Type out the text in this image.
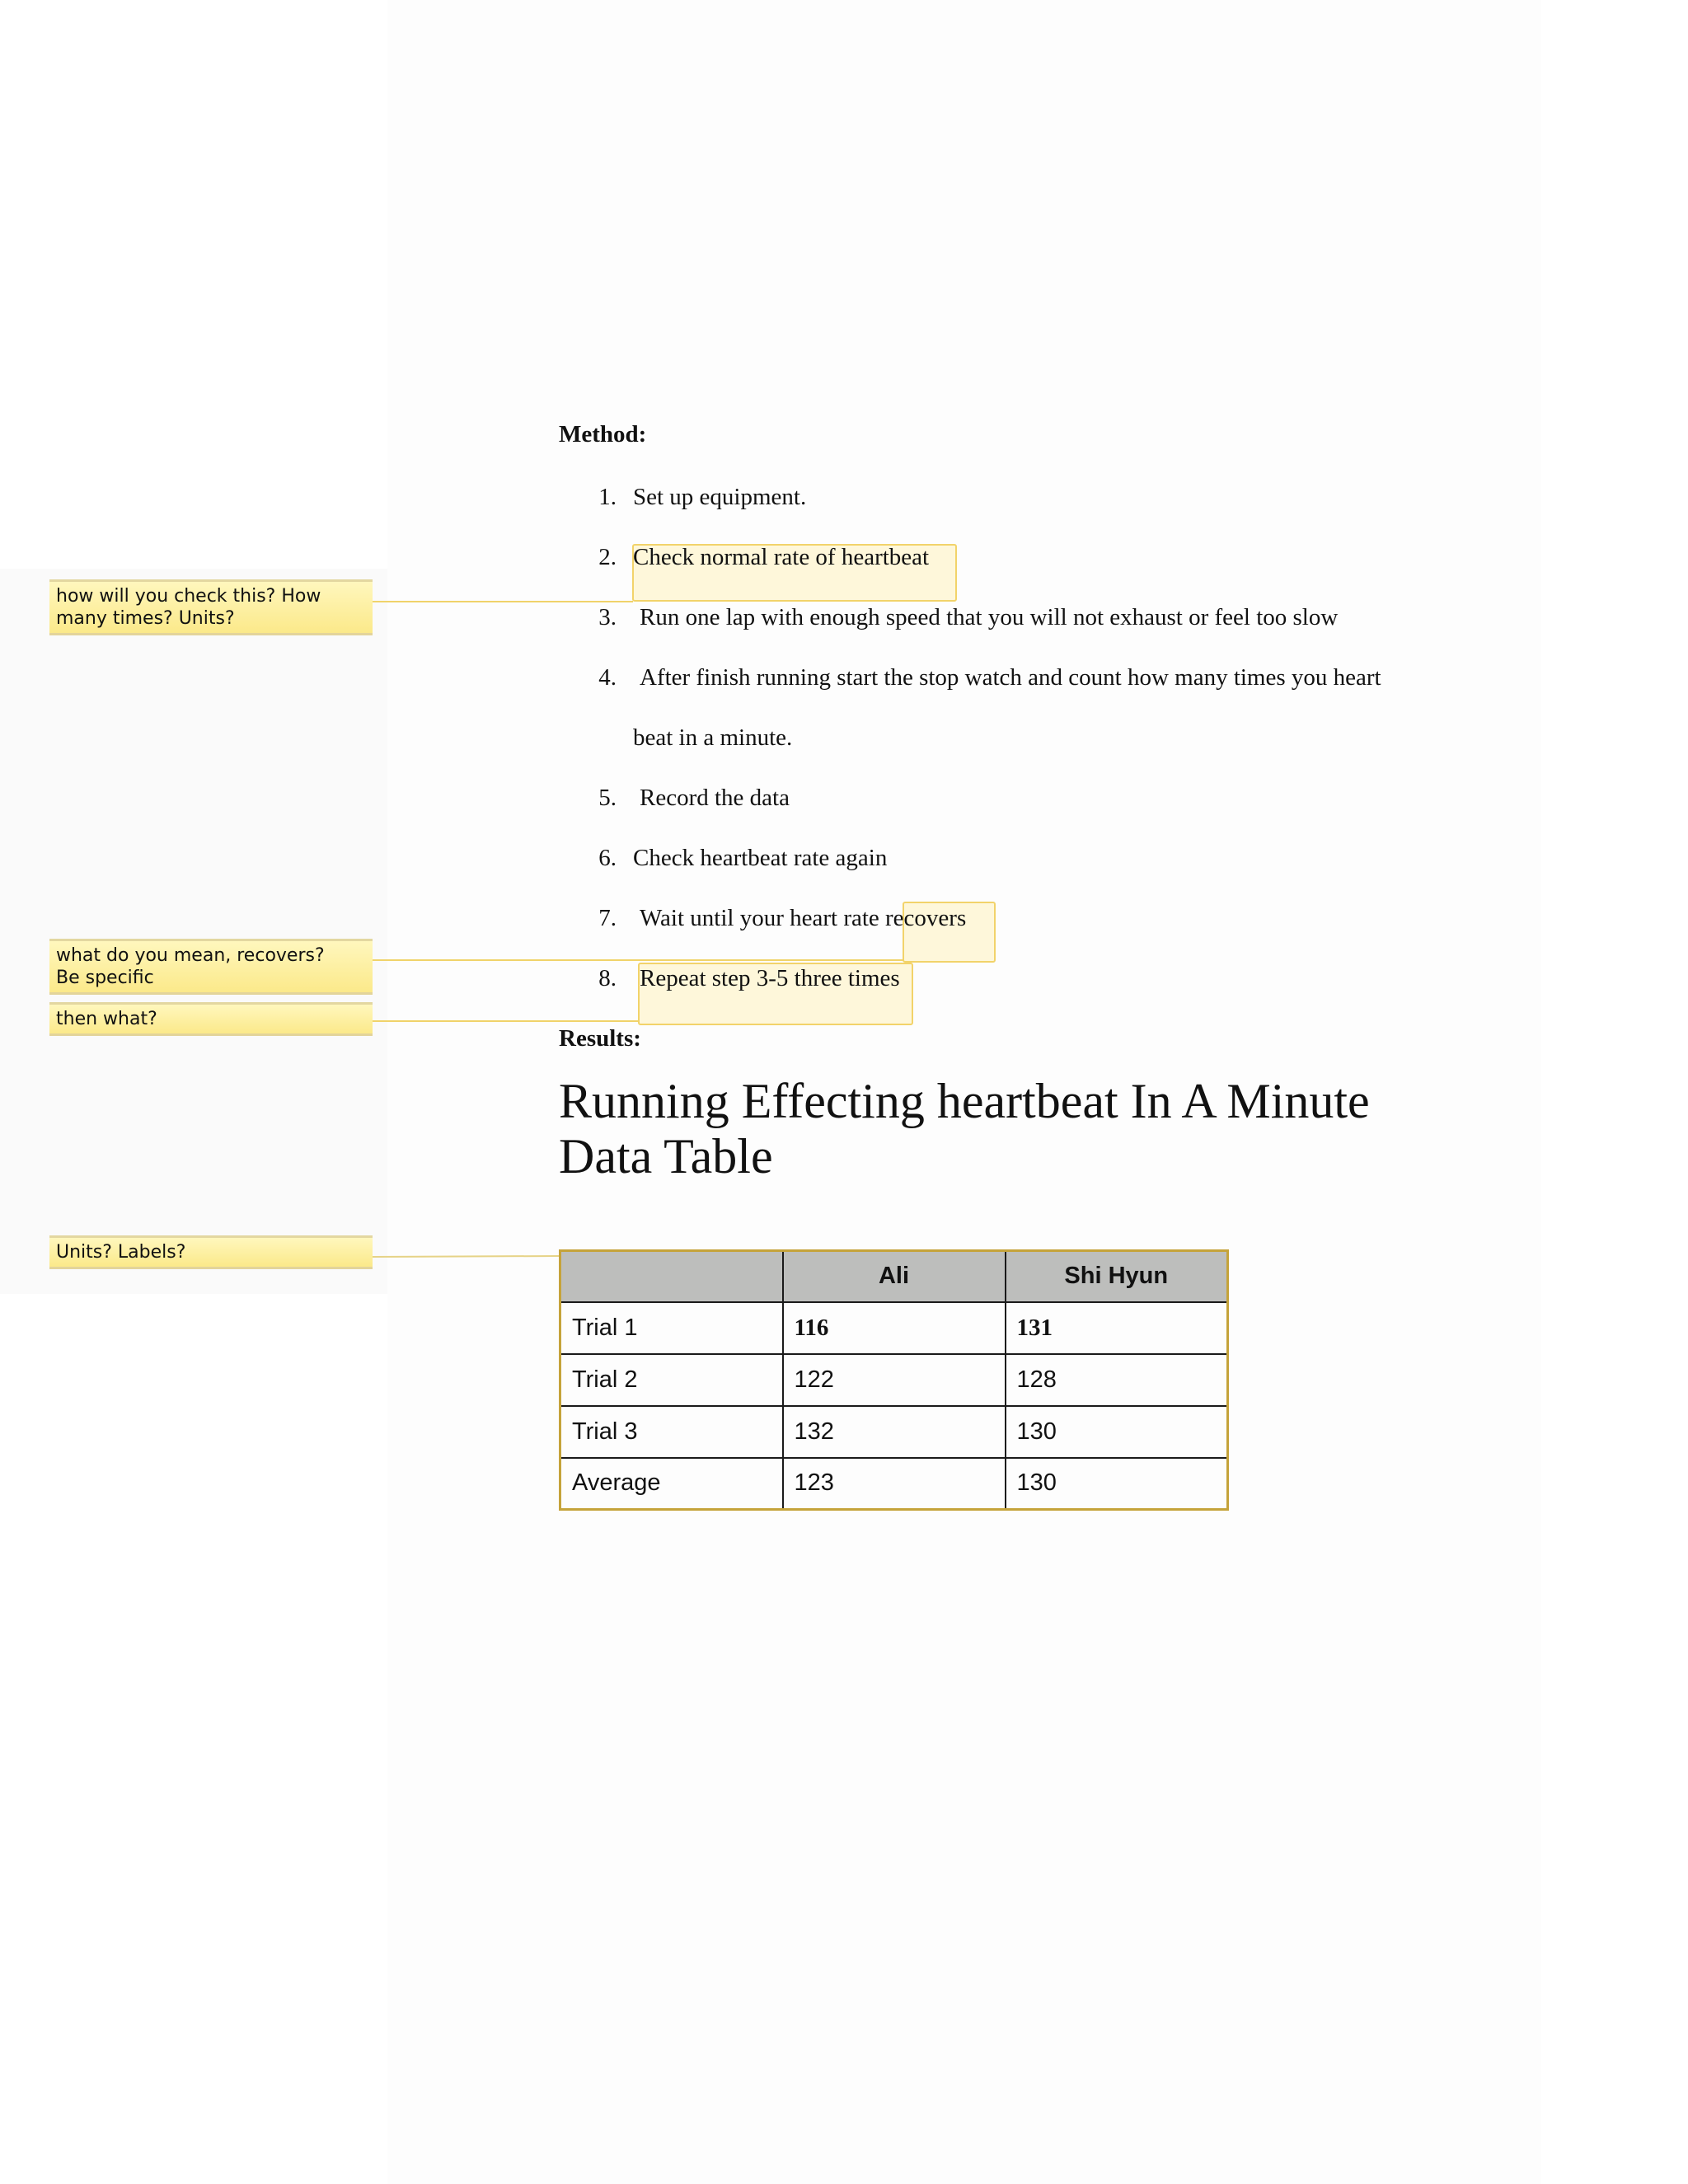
Method:
1. Set up equipment.
2. Check normal rate of heartbeat
3. Run one lap with enough speed that you will not exhaust or feel too slow
4. After finish running start the stop watch and count how many times you heart
beat in a minute.
5. Record the data
6. Check heartbeat rate again
7. Wait until your heart rate recovers
8. Repeat step 3-5 three times
Results:
Running Effecting heartbeat In A Minute
Data Table
	Ali	Shi Hyun
Trial 1	116	131
Trial 2	122	128
Trial 3	132	130
Average	123	130
how will you check this? How
many times? Units?
what do you mean, recovers?
Be specific
then what?
Units? Labels?
